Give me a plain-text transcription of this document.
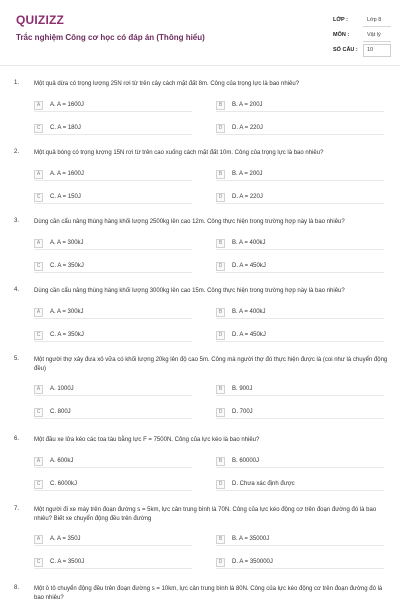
QUIZIZZ
Trắc nghiệm Công cơ học có đáp án (Thông hiểu)
LỚP :	Lớp 8
MÔN :	Vật lý
SỐ CÂU : 10
1. Một quả dừa có trọng lượng 25N rơi từ trên cây cách mặt đất 8m. Công của trọng lực là bao nhiêu?
A	A. A = 1600J	B	B. A = 200J
C	C. A = 180J	D	D. A = 220J
2. Một quả bóng có trọng lượng 15N rơi từ trên cao xuống cách mặt đất 10m. Công của trọng lực là bao nhiêu?
A	A. A = 1600J	B	B. A = 200J
C	C. A = 150J	D	D. A = 220J
3. Dùng cần cẩu nâng thùng hàng khối lượng 2500kg lên cao 12m. Công thực hiện trong trường hợp này là bao nhiêu?
A	A. A = 300kJ	B	B. A = 400kJ
C	C. A = 350kJ	D	D. A = 450kJ
4. Dùng cần cẩu nâng thùng hàng khối lượng 3000kg lên cao 15m. Công thực hiện trong trường hợp này là bao nhiêu?
A	A. A = 300kJ	B	B. A = 400kJ
C	C. A = 350kJ	D	D. A = 450kJ
5. Một người thợ xây đưa xô vữa có khối lượng 20kg lên độ cao 5m. Công mà người thợ đó thực hiện được là (coi như là chuyển động đều)
A	A. 1000J	B	B. 900J
C	C. 800J	D	D. 700J
6. Một đầu xe lửa kéo các toa tàu bằng lực F = 7500N. Công của lực kéo là bao nhiêu?
A	A. 600kJ	B	B. 60000J
C	C. 6000kJ	D	D. Chưa xác định được
7. Một người đi xe máy trên đoạn đường s = 5km, lực cản trung bình là 70N. Công của lực kéo động cơ trên đoạn đường đó là bao nhiêu? Biết xe chuyển động đều trên đường
A	A. A = 350J	B	B. A = 35000J
C	C. A = 3500J	D	D. A = 350000J
8. Một ô tô chuyển động đều trên đoạn đường s = 10km, lực cản trung bình là 80N. Công của lực kéo động cơ trên đoạn đường đó là bao nhiêu?
